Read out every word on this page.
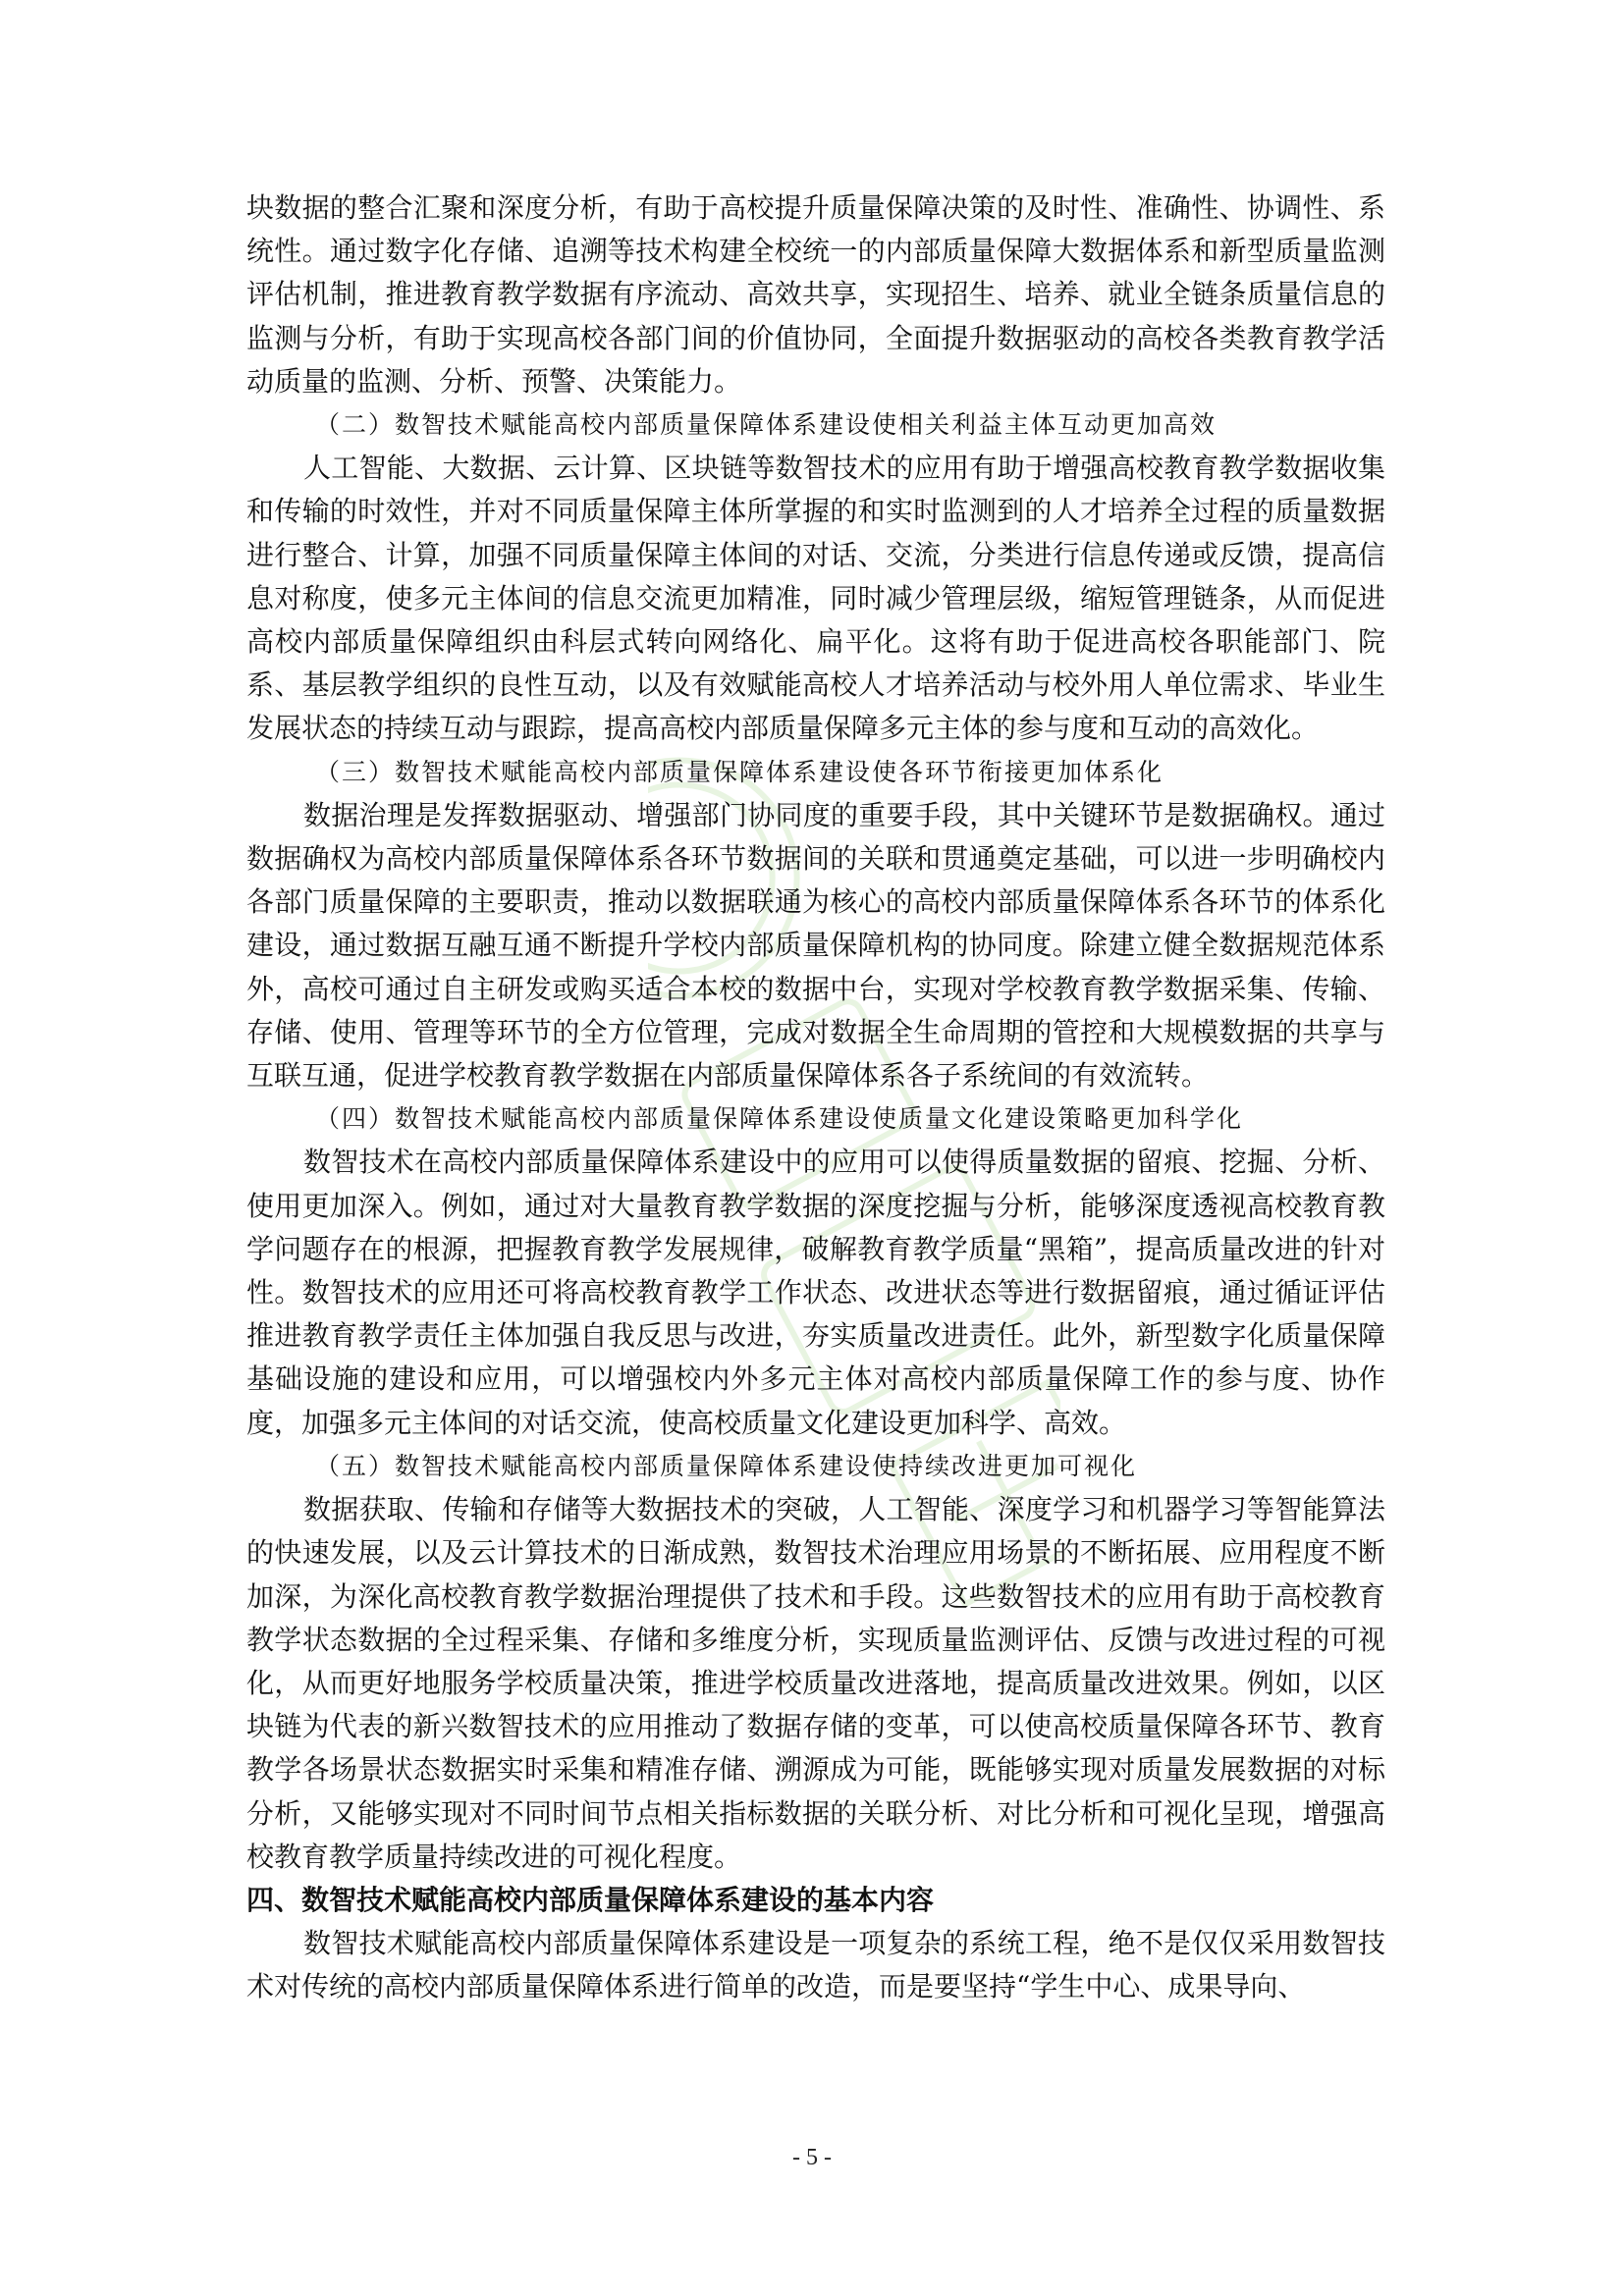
块数据的整合汇聚和深度分析，有助于高校提升质量保障决策的及时性、准确性、协调性、系统性。通过数字化存储、追溯等技术构建全校统一的内部质量保障大数据体系和新型质量监测评估机制，推进教育教学数据有序流动、高效共享，实现招生、培养、就业全链条质量信息的监测与分析，有助于实现高校各部门间的价值协同，全面提升数据驱动的高校各类教育教学活动质量的监测、分析、预警、决策能力。

（二）数智技术赋能高校内部质量保障体系建设使相关利益主体互动更加高效

人工智能、大数据、云计算、区块链等数智技术的应用有助于增强高校教育教学数据收集和传输的时效性，并对不同质量保障主体所掌握的和实时监测到的人才培养全过程的质量数据进行整合、计算，加强不同质量保障主体间的对话、交流，分类进行信息传递或反馈，提高信息对称度，使多元主体间的信息交流更加精准，同时减少管理层级，缩短管理链条，从而促进高校内部质量保障组织由科层式转向网络化、扁平化。这将有助于促进高校各职能部门、院系、基层教学组织的良性互动，以及有效赋能高校人才培养活动与校外用人单位需求、毕业生发展状态的持续互动与跟踪，提高高校内部质量保障多元主体的参与度和互动的高效化。

（三）数智技术赋能高校内部质量保障体系建设使各环节衔接更加体系化

数据治理是发挥数据驱动、增强部门协同度的重要手段，其中关键环节是数据确权。通过数据确权为高校内部质量保障体系各环节数据间的关联和贯通奠定基础，可以进一步明确校内各部门质量保障的主要职责，推动以数据联通为核心的高校内部质量保障体系各环节的体系化建设，通过数据互融互通不断提升学校内部质量保障机构的协同度。除建立健全数据规范体系外，高校可通过自主研发或购买适合本校的数据中台，实现对学校教育教学数据采集、传输、存储、使用、管理等环节的全方位管理，完成对数据全生命周期的管控和大规模数据的共享与互联互通，促进学校教育教学数据在内部质量保障体系各子系统间的有效流转。

（四）数智技术赋能高校内部质量保障体系建设使质量文化建设策略更加科学化

数智技术在高校内部质量保障体系建设中的应用可以使得质量数据的留痕、挖掘、分析、使用更加深入。例如，通过对大量教育教学数据的深度挖掘与分析，能够深度透视高校教育教学问题存在的根源，把握教育教学发展规律，破解教育教学质量“黑箱”，提高质量改进的针对性。数智技术的应用还可将高校教育教学工作状态、改进状态等进行数据留痕，通过循证评估推进教育教学责任主体加强自我反思与改进，夯实质量改进责任。此外，新型数字化质量保障基础设施的建设和应用，可以增强校内外多元主体对高校内部质量保障工作的参与度、协作度，加强多元主体间的对话交流，使高校质量文化建设更加科学、高效。

（五）数智技术赋能高校内部质量保障体系建设使持续改进更加可视化

数据获取、传输和存储等大数据技术的突破，人工智能、深度学习和机器学习等智能算法的快速发展，以及云计算技术的日渐成熟，数智技术治理应用场景的不断拓展、应用程度不断加深，为深化高校教育教学数据治理提供了技术和手段。这些数智技术的应用有助于高校教育教学状态数据的全过程采集、存储和多维度分析，实现质量监测评估、反馈与改进过程的可视化，从而更好地服务学校质量决策，推进学校质量改进落地，提高质量改进效果。例如，以区块链为代表的新兴数智技术的应用推动了数据存储的变革，可以使高校质量保障各环节、教育教学各场景状态数据实时采集和精准存储、溯源成为可能，既能够实现对质量发展数据的对标分析，又能够实现对不同时间节点相关指标数据的关联分析、对比分析和可视化呈现，增强高校教育教学质量持续改进的可视化程度。

四、数智技术赋能高校内部质量保障体系建设的基本内容

数智技术赋能高校内部质量保障体系建设是一项复杂的系统工程，绝不是仅仅采用数智技术对传统的高校内部质量保障体系进行简单的改造，而是要坚持“学生中心、成果导向、

- 5 -
